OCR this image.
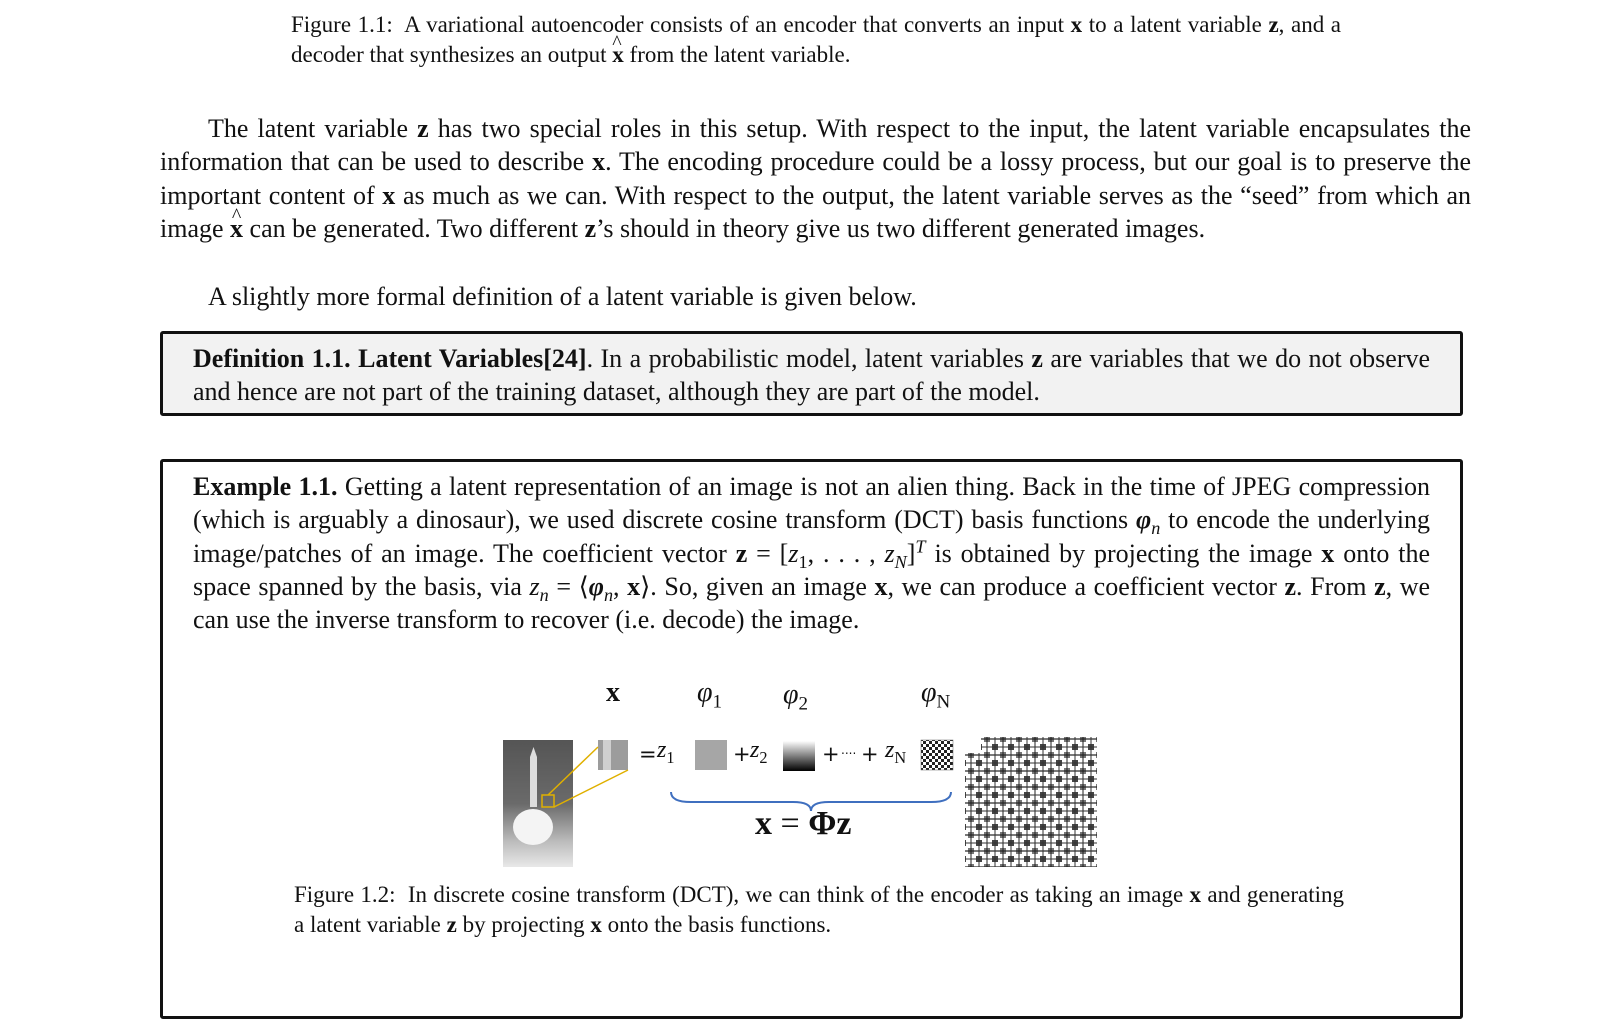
Figure 1.1: A variational autoencoder consists of an encoder that converts an input x to a latent variable z, and a decoder that synthesizes an output ^ x from the latent variable.
The latent variable z has two special roles in this setup. With respect to the input, the latent variable encapsulates the information that can be used to describe x. The encoding procedure could be a lossy process, but our goal is to preserve the important content of x as much as we can. With respect to the output, the latent variable serves as the “seed” from which an image ^ x can be generated. Two different z’s should in theory give us two different generated images.
A slightly more formal definition of a latent variable is given below.
Definition 1.1. Latent Variables[24]. In a probabilistic model, latent variables z are variables that we do not observe and hence are not part of the training dataset, although they are part of the model.
Example 1.1. Getting a latent representation of an image is not an alien thing. Back in the time of JPEG compression (which is arguably a dinosaur), we used discrete cosine transform (DCT) basis functions $\varphi_n$ to encode the underlying image/patches of an image. The coefficient vector $z = [z_1$, . . . , $z_N]^T$ is obtained by projecting the image x onto the space spanned by the basis, via $z_n$ = $⟨\varphi_n$, x⟩. So, given an image x, we can produce a coefficient vector z. From z, we can use the inverse transform to recover (i.e. decode) the image.
x	$\varphi_1$ $\varphi_2$	$\varphi_N$
= $z_1$	+ $z_2$	+ .... + $z_N$
x = Φz
Figure 1.2: In discrete cosine transform (DCT), we can think of the encoder as taking an image x and generating a latent variable z by projecting x onto the basis functions.
